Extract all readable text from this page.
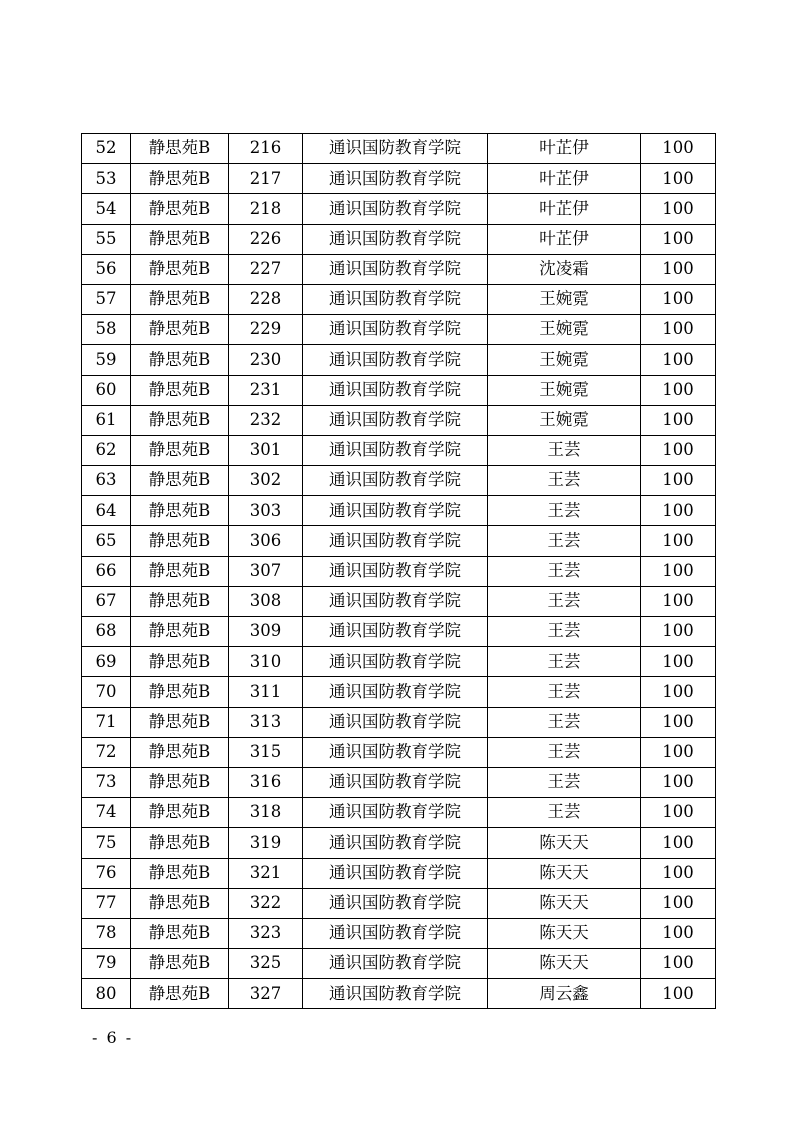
52	静思苑B	216	通识国防教育学院	叶芷伊	100
53	静思苑B	217	通识国防教育学院	叶芷伊	100
54	静思苑B	218	通识国防教育学院	叶芷伊	100
55	静思苑B	226	通识国防教育学院	叶芷伊	100
56	静思苑B	227	通识国防教育学院	沈凌霜	100
57	静思苑B	228	通识国防教育学院	王婉霓	100
58	静思苑B	229	通识国防教育学院	王婉霓	100
59	静思苑B	230	通识国防教育学院	王婉霓	100
60	静思苑B	231	通识国防教育学院	王婉霓	100
61	静思苑B	232	通识国防教育学院	王婉霓	100
62	静思苑B	301	通识国防教育学院	王芸	100
63	静思苑B	302	通识国防教育学院	王芸	100
64	静思苑B	303	通识国防教育学院	王芸	100
65	静思苑B	306	通识国防教育学院	王芸	100
66	静思苑B	307	通识国防教育学院	王芸	100
67	静思苑B	308	通识国防教育学院	王芸	100
68	静思苑B	309	通识国防教育学院	王芸	100
69	静思苑B	310	通识国防教育学院	王芸	100
70	静思苑B	311	通识国防教育学院	王芸	100
71	静思苑B	313	通识国防教育学院	王芸	100
72	静思苑B	315	通识国防教育学院	王芸	100
73	静思苑B	316	通识国防教育学院	王芸	100
74	静思苑B	318	通识国防教育学院	王芸	100
75	静思苑B	319	通识国防教育学院	陈天天	100
76	静思苑B	321	通识国防教育学院	陈天天	100
77	静思苑B	322	通识国防教育学院	陈天天	100
78	静思苑B	323	通识国防教育学院	陈天天	100
79	静思苑B	325	通识国防教育学院	陈天天	100
80	静思苑B	327	通识国防教育学院	周云鑫	100
- 6 -
